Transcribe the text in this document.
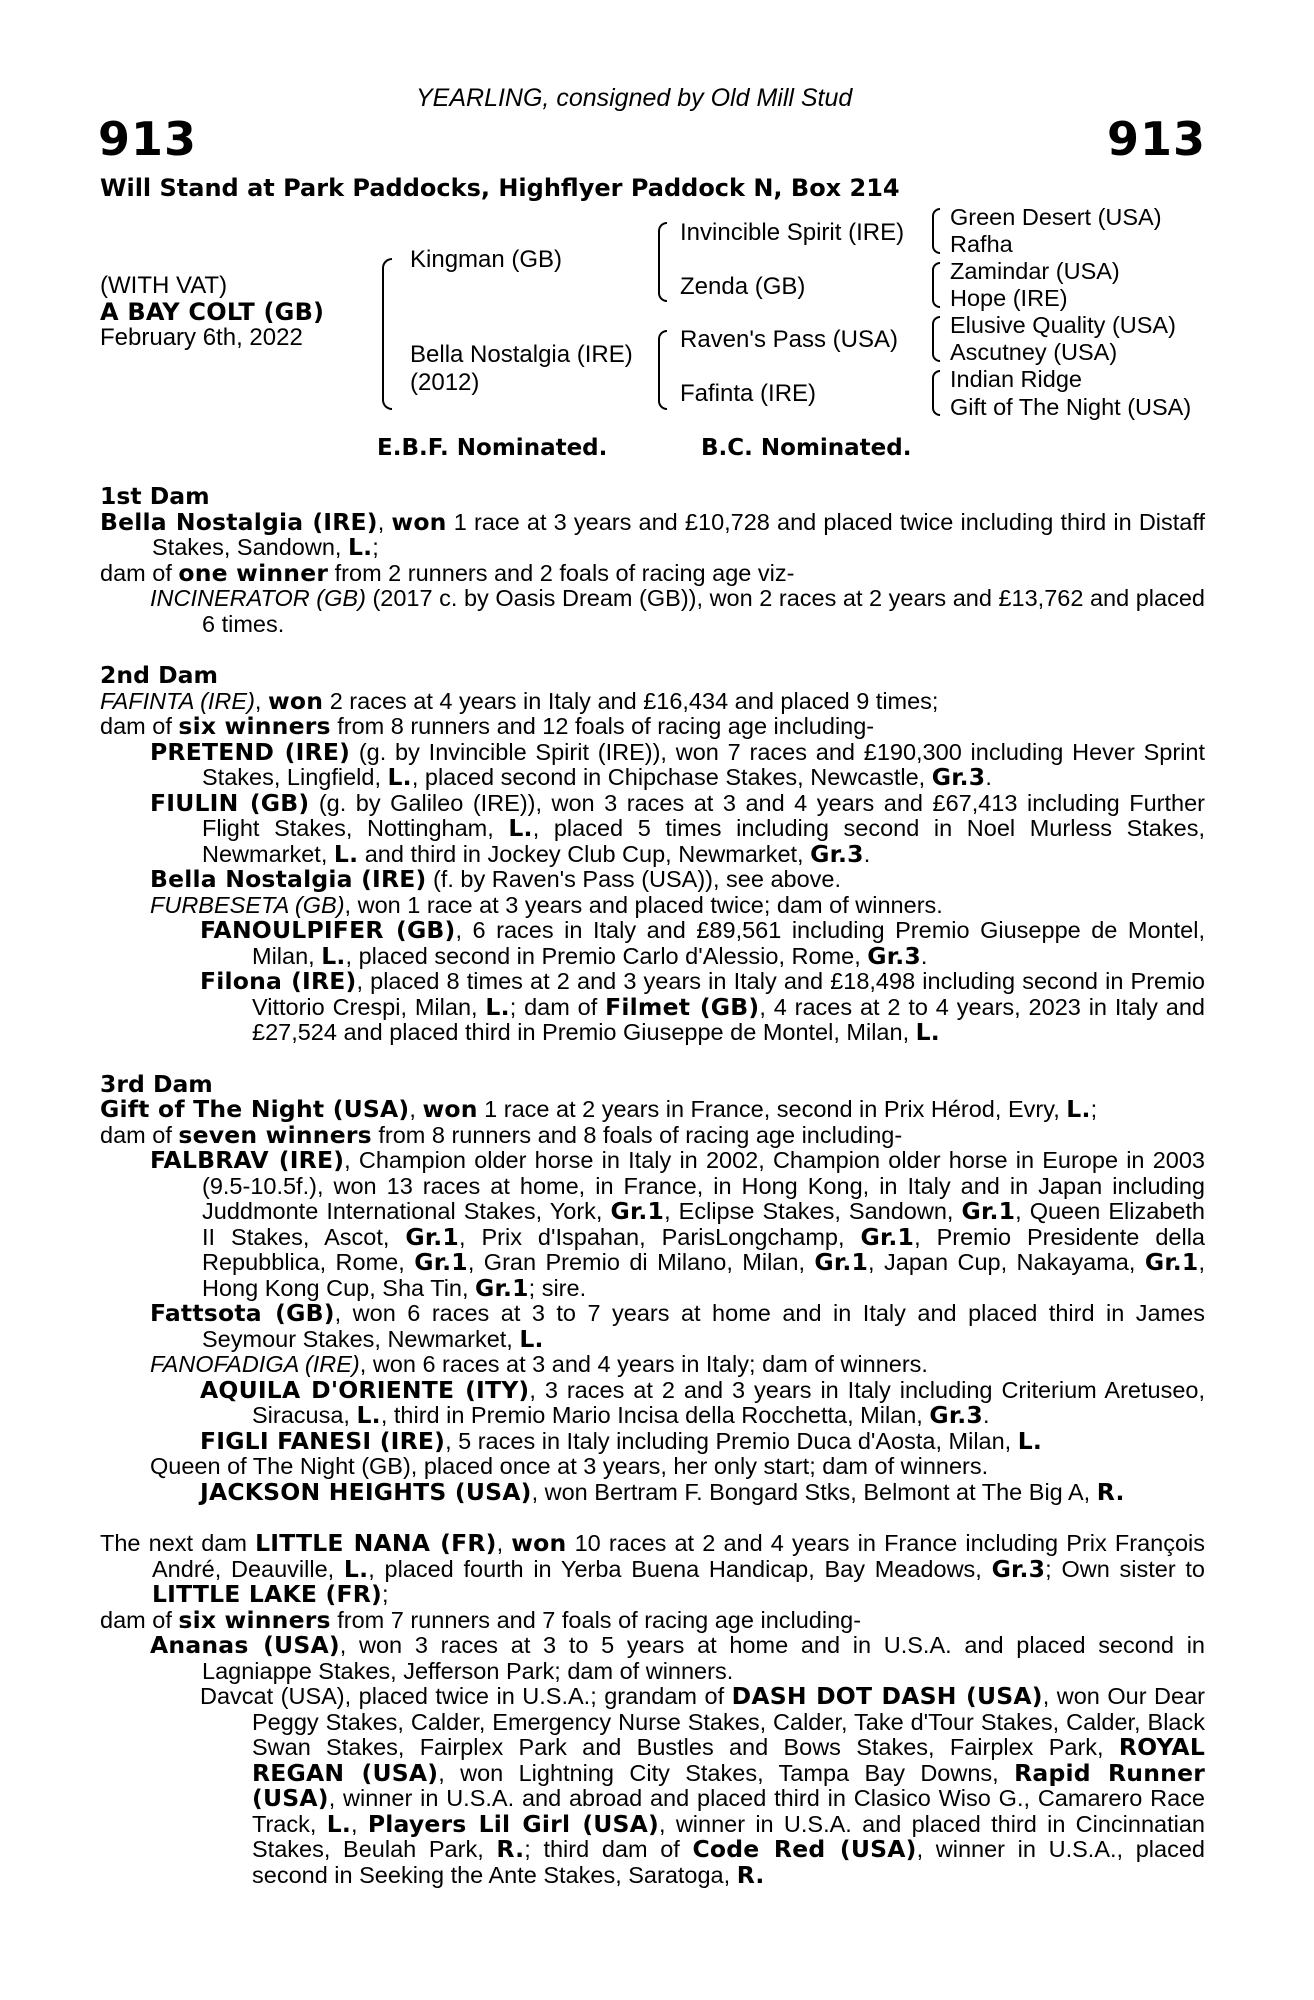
913	913
YEARLING, consigned by Old Mill Stud
Will Stand at Park Paddocks, Highflyer Paddock N, Box 214
(WITH VAT)
A BAY COLT (GB)
February 6th, 2022
Kingman (GB)
Bella Nostalgia (IRE)
(2012)
Invincible Spirit (IRE)
Zenda (GB)
Raven's Pass (USA)
Fafinta (IRE)
Green Desert (USA)
Rafha
Zamindar (USA)
Hope (IRE)
Elusive Quality (USA)
Ascutney (USA)
Indian Ridge
Gift of The Night (USA)
E.B.F. Nominated.	B.C. Nominated.
1st Dam

Bella Nostalgia (IRE), won 1 race at 3 years and £10,728 and placed twice including third in Distaff Stakes, Sandown, L.;

dam of one winner from 2 runners and 2 foals of racing age viz-

INCINERATOR (GB) (2017 c. by Oasis Dream (GB)), won 2 races at 2 years and £13,762 and placed 6 times.

2nd Dam

FAFINTA (IRE), won 2 races at 4 years in Italy and £16,434 and placed 9 times;

dam of six winners from 8 runners and 12 foals of racing age including-

PRETEND (IRE) (g. by Invincible Spirit (IRE)), won 7 races and £190,300 including Hever Sprint Stakes, Lingfield, L., placed second in Chipchase Stakes, Newcastle, Gr.3.

FIULIN (GB) (g. by Galileo (IRE)), won 3 races at 3 and 4 years and £67,413 including Further Flight Stakes, Nottingham, L., placed 5 times including second in Noel Murless Stakes, Newmarket, L. and third in Jockey Club Cup, Newmarket, Gr.3.

Bella Nostalgia (IRE) (f. by Raven's Pass (USA)), see above.

FURBESETA (GB), won 1 race at 3 years and placed twice; dam of winners.

FANOULPIFER (GB), 6 races in Italy and £89,561 including Premio Giuseppe de Montel, Milan, L., placed second in Premio Carlo d'Alessio, Rome, Gr.3.

Filona (IRE), placed 8 times at 2 and 3 years in Italy and £18,498 including second in Premio Vittorio Crespi, Milan, L.; dam of Filmet (GB), 4 races at 2 to 4 years, 2023 in Italy and £27,524 and placed third in Premio Giuseppe de Montel, Milan, L.

3rd Dam

Gift of The Night (USA), won 1 race at 2 years in France, second in Prix Hérod, Evry, L.;

dam of seven winners from 8 runners and 8 foals of racing age including-

FALBRAV (IRE), Champion older horse in Italy in 2002, Champion older horse in Europe in 2003 (9.5-10.5f.), won 13 races at home, in France, in Hong Kong, in Italy and in Japan including Juddmonte International Stakes, York, Gr.1, Eclipse Stakes, Sandown, Gr.1, Queen Elizabeth II Stakes, Ascot, Gr.1, Prix d'Ispahan, ParisLongchamp, Gr.1, Premio Presidente della Repubblica, Rome, Gr.1, Gran Premio di Milano, Milan, Gr.1, Japan Cup, Nakayama, Gr.1, Hong Kong Cup, Sha Tin, Gr.1; sire.

Fattsota (GB), won 6 races at 3 to 7 years at home and in Italy and placed third in James Seymour Stakes, Newmarket, L.

FANOFADIGA (IRE), won 6 races at 3 and 4 years in Italy; dam of winners.

AQUILA D'ORIENTE (ITY), 3 races at 2 and 3 years in Italy including Criterium Aretuseo, Siracusa, L., third in Premio Mario Incisa della Rocchetta, Milan, Gr.3.

FIGLI FANESI (IRE), 5 races in Italy including Premio Duca d'Aosta, Milan, L.

Queen of The Night (GB), placed once at 3 years, her only start; dam of winners.

JACKSON HEIGHTS (USA), won Bertram F. Bongard Stks, Belmont at The Big A, R.

The next dam LITTLE NANA (FR), won 10 races at 2 and 4 years in France including Prix François André, Deauville, L., placed fourth in Yerba Buena Handicap, Bay Meadows, Gr.3; Own sister to LITTLE LAKE (FR);

dam of six winners from 7 runners and 7 foals of racing age including-

Ananas (USA), won 3 races at 3 to 5 years at home and in U.S.A. and placed second in Lagniappe Stakes, Jefferson Park; dam of winners.

Davcat (USA), placed twice in U.S.A.; grandam of DASH DOT DASH (USA), won Our Dear Peggy Stakes, Calder, Emergency Nurse Stakes, Calder, Take d'Tour Stakes, Calder, Black Swan Stakes, Fairplex Park and Bustles and Bows Stakes, Fairplex Park, ROYAL REGAN (USA), won Lightning City Stakes, Tampa Bay Downs, Rapid Runner (USA), winner in U.S.A. and abroad and placed third in Clasico Wiso G., Camarero Race Track, L., Players Lil Girl (USA), winner in U.S.A. and placed third in Cincinnatian Stakes, Beulah Park, R.; third dam of Code Red (USA), winner in U.S.A., placed second in Seeking the Ante Stakes, Saratoga, R.
